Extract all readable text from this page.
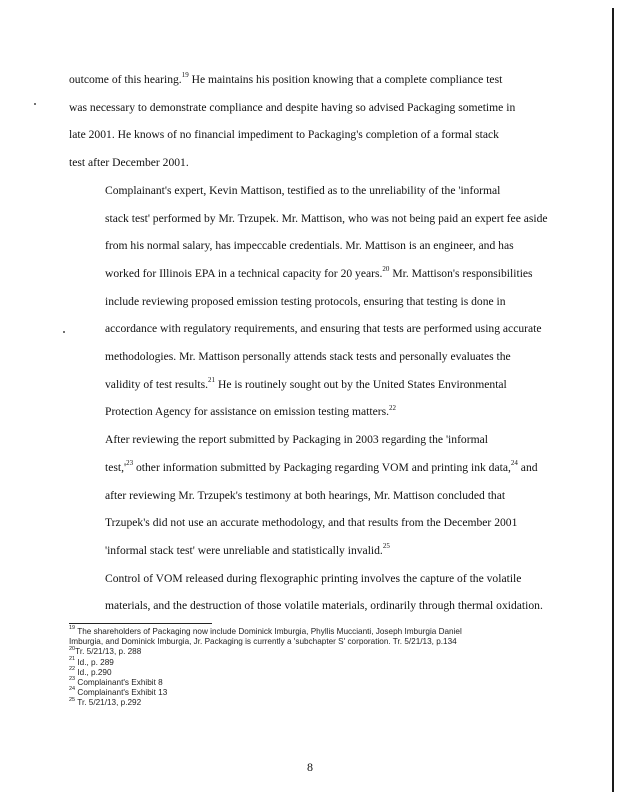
outcome of this hearing.$^{19}$ He maintains his position knowing that a complete compliance test
was necessary to demonstrate compliance and despite having so advised Packaging sometime in
late 2001. He knows of no financial impediment to Packaging's completion of a formal stack
test after December 2001.

Complainant's expert, Kevin Mattison, testified as to the unreliability of the 'informal
stack test' performed by Mr. Trzupek. Mr. Mattison, who was not being paid an expert fee aside
from his normal salary, has impeccable credentials. Mr. Mattison is an engineer, and has
worked for Illinois EPA in a technical capacity for 20 years.$^{20}$ Mr. Mattison's responsibilities
include reviewing proposed emission testing protocols, ensuring that testing is done in
accordance with regulatory requirements, and ensuring that tests are performed using accurate
methodologies. Mr. Mattison personally attends stack tests and personally evaluates the
validity of test results.$^{21}$ He is routinely sought out by the United States Environmental
Protection Agency for assistance on emission testing matters.$^{22}$

After reviewing the report submitted by Packaging in 2003 regarding the 'informal
$test,'^{23}$ other information submitted by Packaging regarding VOM and printing ink data,$^{24}$ and
after reviewing Mr. Trzupek's testimony at both hearings, Mr. Mattison concluded that
Trzupek's did not use an accurate methodology, and that results from the December 2001
'informal stack test' were unreliable and statistically invalid.$^{25}$

Control of VOM released during flexographic printing involves the capture of the volatile
materials, and the destruction of those volatile materials, ordinarily through thermal oxidation.

$^{19}$ The shareholders of Packaging now include Dominick Imburgia, Phyllis Muccianti, Joseph Imburgia Daniel
Imburgia, and Dominick Imburgia, Jr. Packaging is currently a 'subchapter S' corporation. Tr. 5/21/13, p.134
$^{20}$Tr. 5/21/13, p. 288
$^{21}$ Id., p. 289
$^{22}$ Id., p.290
$^{23}$ Complainant's Exhibit 8
$^{24}$ Complainant's Exhibit 13
$^{25}$ Tr. 5/21/13, p.292
8
